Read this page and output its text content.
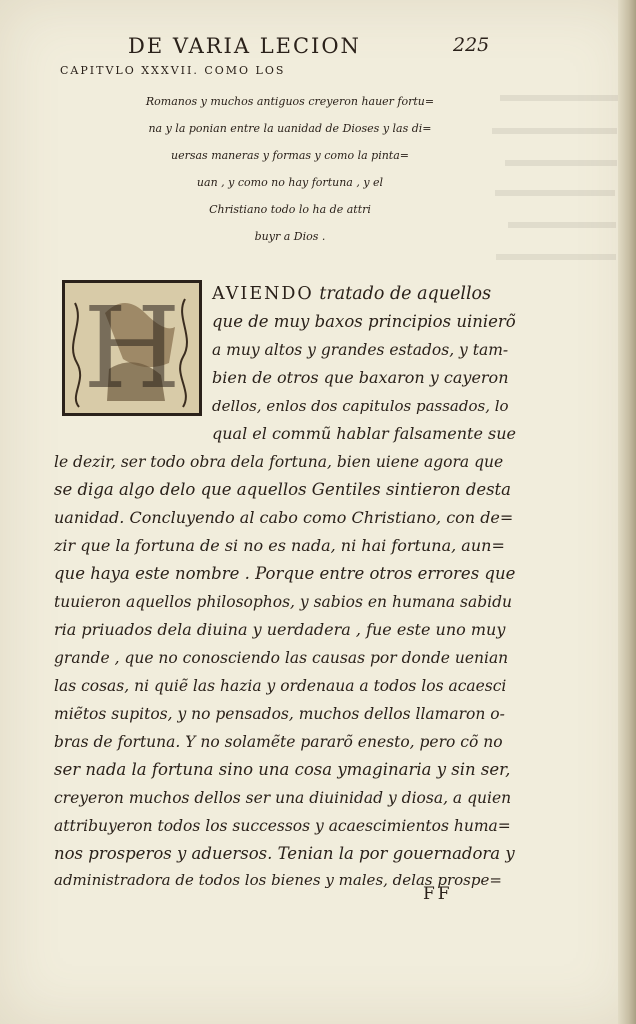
DE VARIA LECION	225
CAPITVLO XXXVII. COMO LOS
Romanos y muchos antiguos creyeron hauer fortu=
na y la ponian entre la uanidad de Dioses y las di=
uersas maneras y formas y como la pinta=
uan , y como no hay fortuna , y el
Christiano todo lo ha de attri
buyr a Dios .
H AVIENDO tratado de aquellos
que de muy baxos principios uinierõ
a muy altos y grandes estados, y tam-
bien de otros que baxaron y cayeron
dellos, enlos dos capitulos passados, lo
qual el commũ hablar falsamente sue
le dezir, ser todo obra dela fortuna, bien uiene agora que
se diga algo delo que aquellos Gentiles sintieron desta
uanidad. Concluyendo al cabo como Christiano, con de=
zir que la fortuna de si no es nada, ni hai fortuna, aun=
que haya este nombre . Porque entre otros errores que
tuuieron aquellos philosophos, y sabios en humana sabidu
ria priuados dela diuina y uerdadera , fue este uno muy
grande , que no conosciendo las causas por donde uenian
las cosas, ni quiẽ las hazia y ordenaua a todos los acaesci
miẽtos supitos, y no pensados, muchos dellos llamaron o-
bras de fortuna. Y no solamẽte pararõ enesto, pero cõ no
ser nada la fortuna sino una cosa ymaginaria y sin ser,
creyeron muchos dellos ser una diuinidad y diosa, a quien
attribuyeron todos los successos y acaescimientos huma=
nos prosperos y aduersos. Tenian la por gouernadora y
administradora de todos los bienes y males, delas prospe=
FF
